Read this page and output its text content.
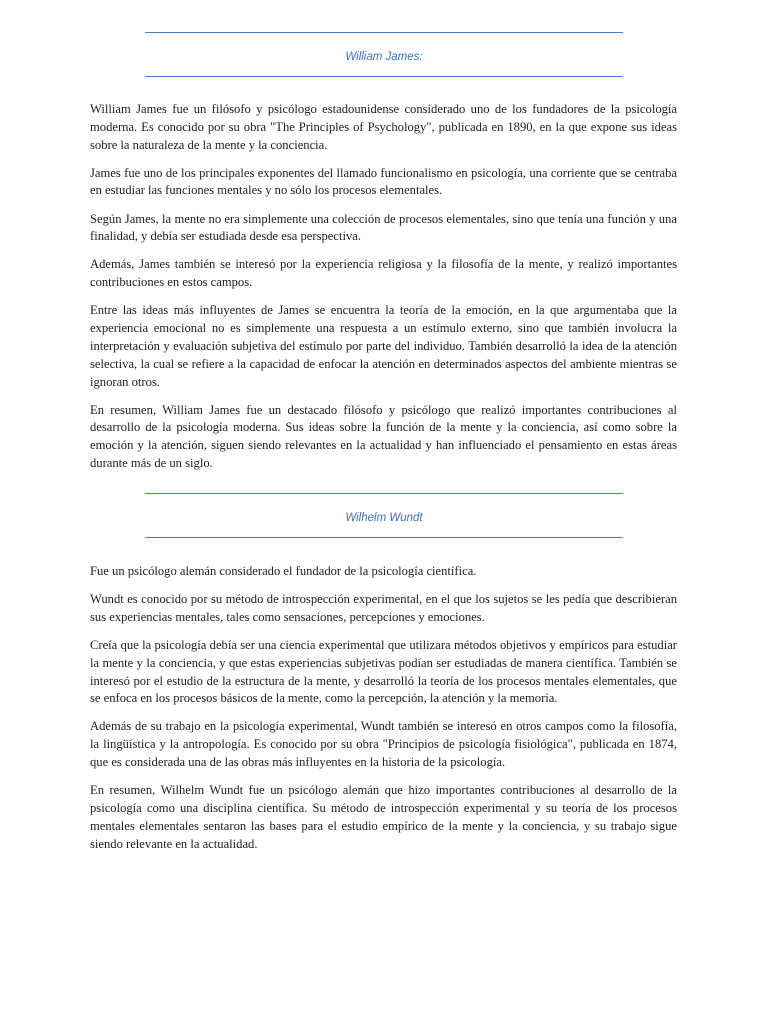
William James:

William James fue un filósofo y psicólogo estadounidense considerado uno de los fundadores de la psicología moderna. Es conocido por su obra "The Principles of Psychology", publicada en 1890, en la que expone sus ideas sobre la naturaleza de la mente y la conciencia.

James fue uno de los principales exponentes del llamado funcionalismo en psicología, una corriente que se centraba en estudiar las funciones mentales y no sólo los procesos elementales.

Según James, la mente no era simplemente una colección de procesos elementales, sino que tenía una función y una finalidad, y debía ser estudiada desde esa perspectiva.

Además, James también se interesó por la experiencia religiosa y la filosofía de la mente, y realizó importantes contribuciones en estos campos.

Entre las ideas más influyentes de James se encuentra la teoría de la emoción, en la que argumentaba que la experiencia emocional no es simplemente una respuesta a un estímulo externo, sino que también involucra la interpretación y evaluación subjetiva del estímulo por parte del individuo. También desarrolló la idea de la atención selectiva, la cual se refiere a la capacidad de enfocar la atención en determinados aspectos del ambiente mientras se ignoran otros.

En resumen, William James fue un destacado filósofo y psicólogo que realizó importantes contribuciones al desarrollo de la psicología moderna. Sus ideas sobre la función de la mente y la conciencia, así como sobre la emoción y la atención, siguen siendo relevantes en la actualidad y han influenciado el pensamiento en estas áreas durante más de un siglo.

Wilhelm Wundt

Fue un psicólogo alemán considerado el fundador de la psicología científica.

Wundt es conocido por su método de introspección experimental, en el que los sujetos se les pedía que describieran sus experiencias mentales, tales como sensaciones, percepciones y emociones.

Creía que la psicología debía ser una ciencia experimental que utilizara métodos objetivos y empíricos para estudiar la mente y la conciencia, y que estas experiencias subjetivas podían ser estudiadas de manera científica. También se interesó por el estudio de la estructura de la mente, y desarrolló la teoría de los procesos mentales elementales, que se enfoca en los procesos básicos de la mente, como la percepción, la atención y la memoria.

Además de su trabajo en la psicología experimental, Wundt también se interesó en otros campos como la filosofía, la lingüística y la antropología. Es conocido por su obra "Principios de psicología fisiológica", publicada en 1874, que es considerada una de las obras más influyentes en la historia de la psicología.

En resumen, Wilhelm Wundt fue un psicólogo alemán que hizo importantes contribuciones al desarrollo de la psicología como una disciplina científica. Su método de introspección experimental y su teoría de los procesos mentales elementales sentaron las bases para el estudio empírico de la mente y la conciencia, y su trabajo sigue siendo relevante en la actualidad.
